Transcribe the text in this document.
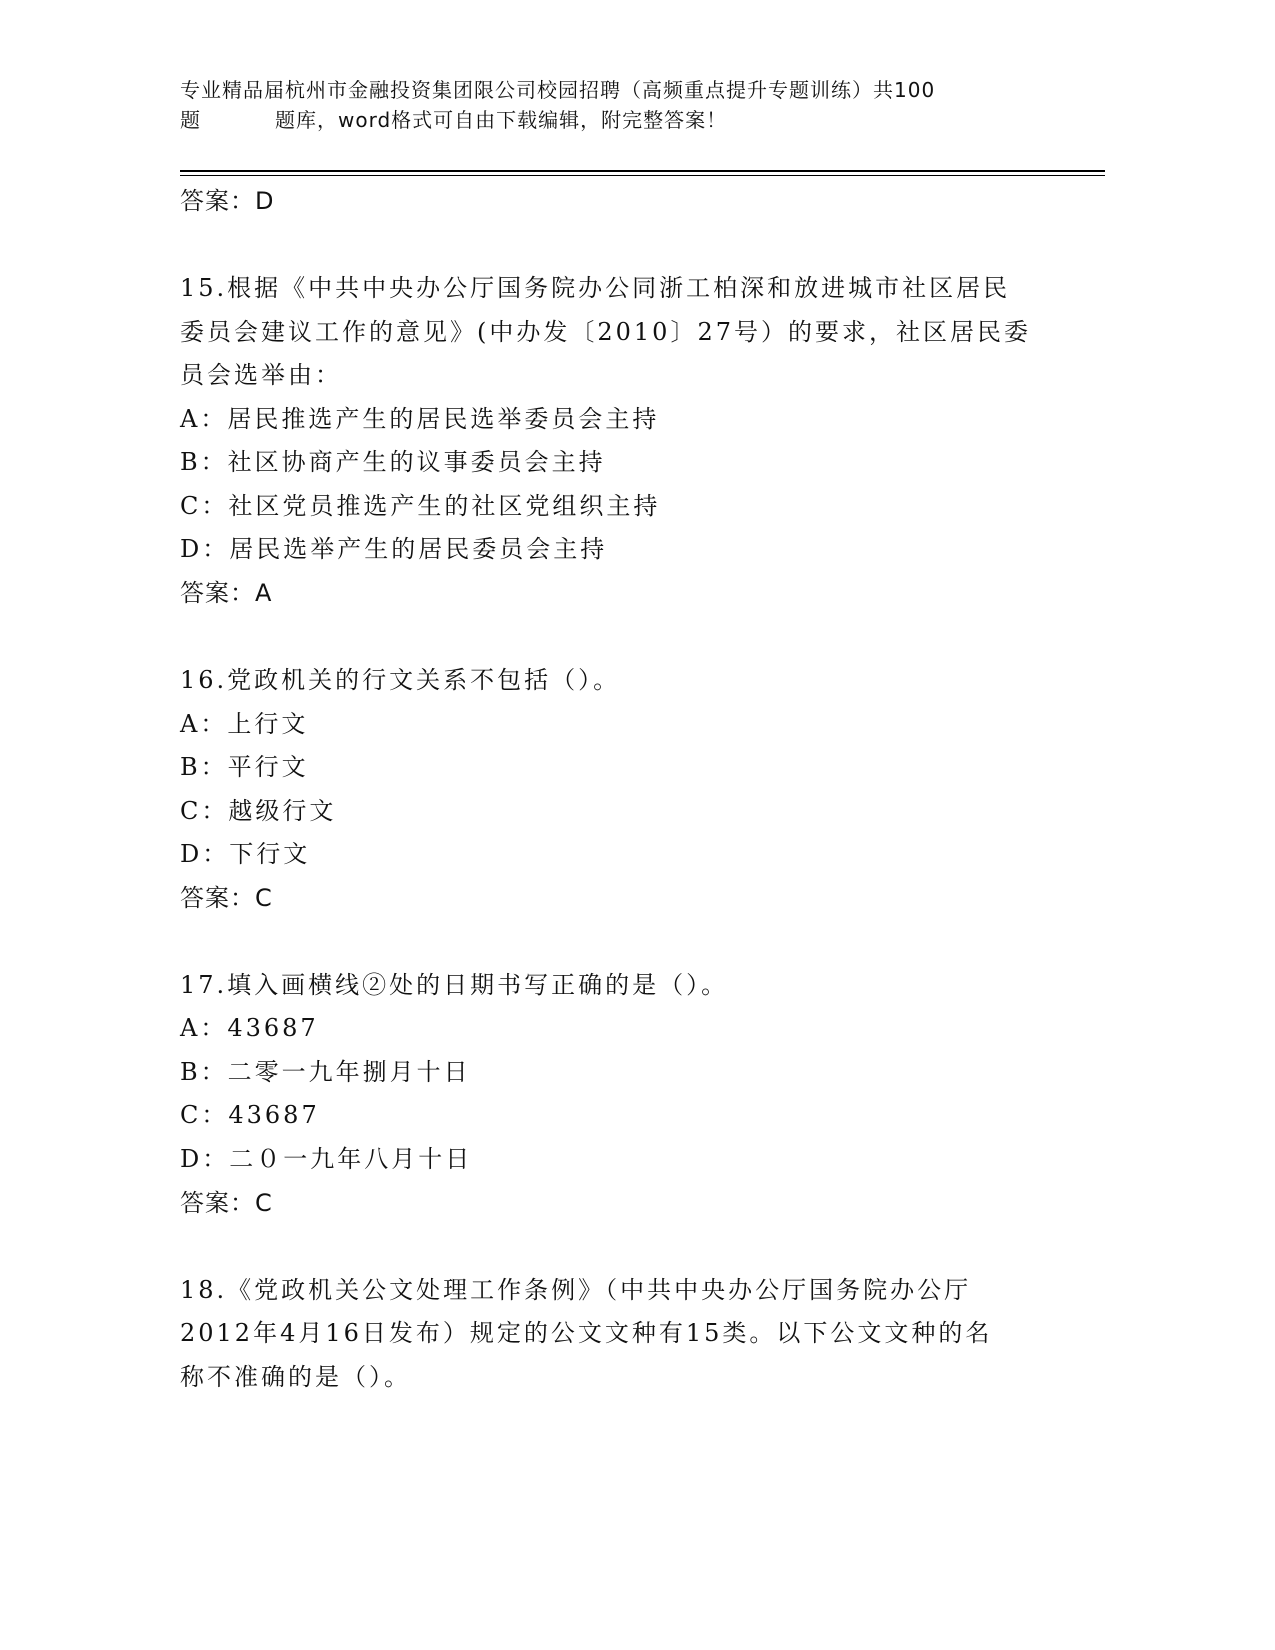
专业精品届杭州市金融投资集团限公司校园招聘（高频重点提升专题训练）共100
题	题库，word格式可自由下载编辑，附完整答案！
答案：D
15.根据《中共中央办公厅国务院办公同浙工柏深和放进城市社区居民
委员会建议工作的意见》(中办发〔2010〕27号）的要求，社区居民委
员会选举由：
A：居民推选产生的居民选举委员会主持
B：社区协商产生的议事委员会主持
C：社区党员推选产生的社区党组织主持
D：居民选举产生的居民委员会主持
答案：A
16.党政机关的行文关系不包括（）。
A：上行文
B：平行文
C：越级行文
D：下行文
答案：C
17.填入画横线②处的日期书写正确的是（）。
A：43687
B：二零一九年捌月十日
C：43687
D：二０一九年八月十日
答案：C
18.《党政机关公文处理工作条例》（中共中央办公厅国务院办公厅
2012年4月16日发布）规定的公文文种有15类。以下公文文种的名
称不准确的是（）。
